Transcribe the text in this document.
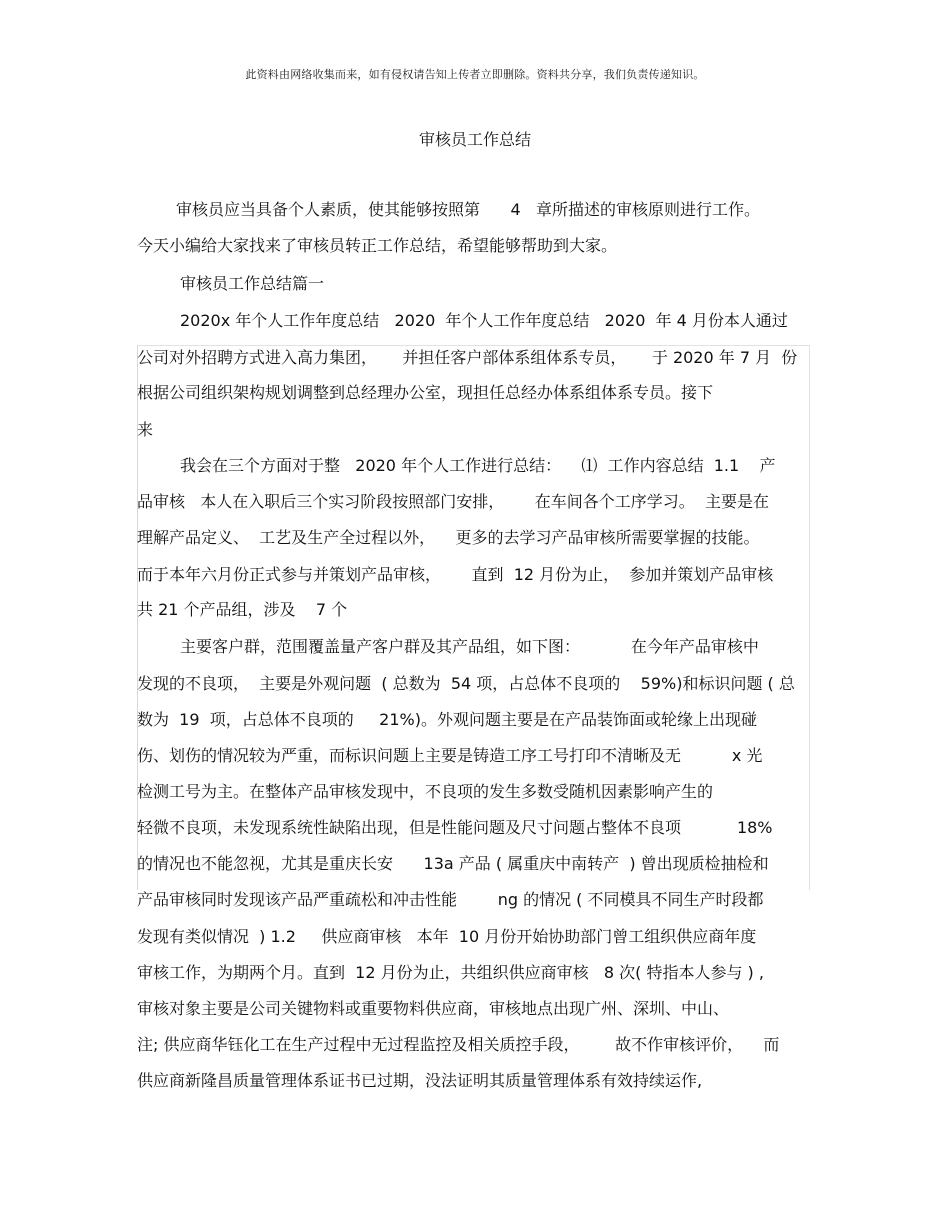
此资料由网络收集而来，如有侵权请告知上传者立即删除。资料共分享，我们负责传递知识。
审核员工作总结
审核员应当具备个人素质，使其能够按照第      4   章所描述的审核原则进行工作。
今天小编给大家找来了审核员转正工作总结，希望能够帮助到大家。
审核员工作总结篇一
2020x 年个人工作年度总结   2020  年个人工作年度总结   2020  年 4 月份本人通过
公司对外招聘方式进入高力集团，     并担任客户部体系组体系专员，     于 2020 年 7 月  份
根据公司组织架构规划调整到总经理办公室，现担任总经办体系组体系专员。接下
来
我会在三个方面对于整   2020 年个人工作进行总结：    ⑴  工作内容总结  1.1    产
品审核   本人在入职后三个实习阶段按照部门安排，      在车间各个工序学习。  主要是在
理解产品定义、  工艺及生产全过程以外，    更多的去学习产品审核所需要掌握的技能。
而于本年六月份正式参与并策划产品审核，      直到  12 月份为止，  参加并策划产品审核
共 21 个产品组，涉及    7 个
主要客户群，范围覆盖量产客户群及其产品组，如下图：          在今年产品审核中
发现的不良项，  主要是外观问题  ( 总数为  54 项，占总体不良项的    59%)和标识问题 ( 总
数为  19  项，占总体不良项的     21%)。外观问题主要是在产品装饰面或轮缘上出现碰
伤、划伤的情况较为严重，而标识问题上主要是铸造工序工号打印不清晰及无          x 光
检测工号为主。在整体产品审核发现中，不良项的发生多数受随机因素影响产生的
轻微不良项，未发现系统性缺陷出现，但是性能问题及尺寸问题占整体不良项           18%
的情况也不能忽视，尤其是重庆长安      13a 产品 ( 属重庆中南转产  ) 曾出现质检抽检和
产品审核同时发现该产品严重疏松和冲击性能        ng 的情况 ( 不同模具不同生产时段都
发现有类似情况  ) 1.2     供应商审核   本年  10 月份开始协助部门曾工组织供应商年度
审核工作，为期两个月。直到  12 月份为止，共组织供应商审核   8 次( 特指本人参与 ) ,
审核对象主要是公司关键物料或重要物料供应商，审核地点出现广州、深圳、中山、
注; 供应商华钰化工在生产过程中无过程监控及相关质控手段，       故不作审核评价，    而
供应商新隆昌质量管理体系证书已过期，没法证明其质量管理体系有效持续运作,
